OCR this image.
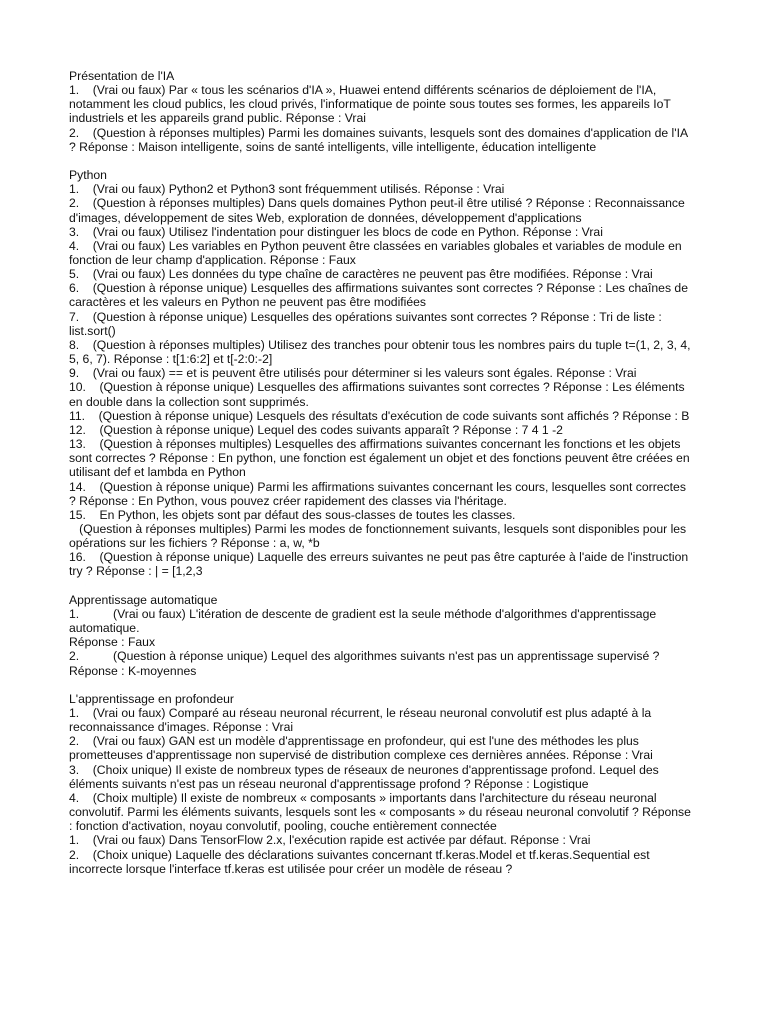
Présentation de l'IA

1.    (Vrai ou faux) Par « tous les scénarios d'IA », Huawei entend différents scénarios de déploiement de l'IA, notamment les cloud publics, les cloud privés, l'informatique de pointe sous toutes ses formes, les appareils IoT industriels et les appareils grand public. Réponse : Vrai

2.    (Question à réponses multiples) Parmi les domaines suivants, lesquels sont des domaines d'application de l'IA ? Réponse : Maison intelligente, soins de santé intelligents, ville intelligente, éducation intelligente

Python

1.    (Vrai ou faux) Python2 et Python3 sont fréquemment utilisés. Réponse : Vrai

2.    (Question à réponses multiples) Dans quels domaines Python peut-il être utilisé ? Réponse : Reconnaissance d'images, développement de sites Web, exploration de données, développement d'applications

3.    (Vrai ou faux) Utilisez l'indentation pour distinguer les blocs de code en Python. Réponse : Vrai

4.    (Vrai ou faux) Les variables en Python peuvent être classées en variables globales et variables de module en fonction de leur champ d'application. Réponse : Faux

5.    (Vrai ou faux) Les données du type chaîne de caractères ne peuvent pas être modifiées. Réponse : Vrai

6.    (Question à réponse unique) Lesquelles des affirmations suivantes sont correctes ? Réponse : Les chaînes de caractères et les valeurs en Python ne peuvent pas être modifiées

7.    (Question à réponse unique) Lesquelles des opérations suivantes sont correctes ? Réponse : Tri de liste : list.sort()

8.    (Question à réponses multiples) Utilisez des tranches pour obtenir tous les nombres pairs du tuple t=(1, 2, 3, 4, 5, 6, 7). Réponse : t[1:6:2] et t[-2:0:-2]

9.    (Vrai ou faux) == et is peuvent être utilisés pour déterminer si les valeurs sont égales. Réponse : Vrai

10.    (Question à réponse unique) Lesquelles des affirmations suivantes sont correctes ? Réponse : Les éléments en double dans la collection sont supprimés.

11.    (Question à réponse unique) Lesquels des résultats d'exécution de code suivants sont affichés ? Réponse : B

12.    (Question à réponse unique) Lequel des codes suivants apparaît ? Réponse : 7 4 1 -2

13.    (Question à réponses multiples) Lesquelles des affirmations suivantes concernant les fonctions et les objets sont correctes ? Réponse : En python, une fonction est également un objet et des fonctions peuvent être créées en utilisant def et lambda en Python

14.    (Question à réponse unique) Parmi les affirmations suivantes concernant les cours, lesquelles sont correctes ? Réponse : En Python, vous pouvez créer rapidement des classes via l'héritage.

15.    En Python, les objets sont par défaut des sous-classes de toutes les classes.

(Question à réponses multiples) Parmi les modes de fonctionnement suivants, lesquels sont disponibles pour les opérations sur les fichiers ? Réponse : a, w, *b

16.    (Question à réponse unique) Laquelle des erreurs suivantes ne peut pas être capturée à l'aide de l'instruction try ? Réponse : | = [1,2,3

Apprentissage automatique

1.          (Vrai ou faux) L'itération de descente de gradient est la seule méthode d'algorithmes d'apprentissage automatique.

Réponse : Faux

2.          (Question à réponse unique) Lequel des algorithmes suivants n'est pas un apprentissage supervisé ?

Réponse : K-moyennes

L'apprentissage en profondeur

1.    (Vrai ou faux) Comparé au réseau neuronal récurrent, le réseau neuronal convolutif est plus adapté à la reconnaissance d'images. Réponse : Vrai

2.    (Vrai ou faux) GAN est un modèle d'apprentissage en profondeur, qui est l'une des méthodes les plus prometteuses d'apprentissage non supervisé de distribution complexe ces dernières années. Réponse : Vrai

3.    (Choix unique) Il existe de nombreux types de réseaux de neurones d'apprentissage profond. Lequel des éléments suivants n'est pas un réseau neuronal d'apprentissage profond ? Réponse : Logistique

4.    (Choix multiple) Il existe de nombreux « composants » importants dans l'architecture du réseau neuronal convolutif. Parmi les éléments suivants, lesquels sont les « composants » du réseau neuronal convolutif ? Réponse : fonction d'activation, noyau convolutif, pooling, couche entièrement connectée

1.    (Vrai ou faux) Dans TensorFlow 2.x, l'exécution rapide est activée par défaut. Réponse : Vrai

2.    (Choix unique) Laquelle des déclarations suivantes concernant tf.keras.Model et tf.keras.Sequential est incorrecte lorsque l'interface tf.keras est utilisée pour créer un modèle de réseau ?
